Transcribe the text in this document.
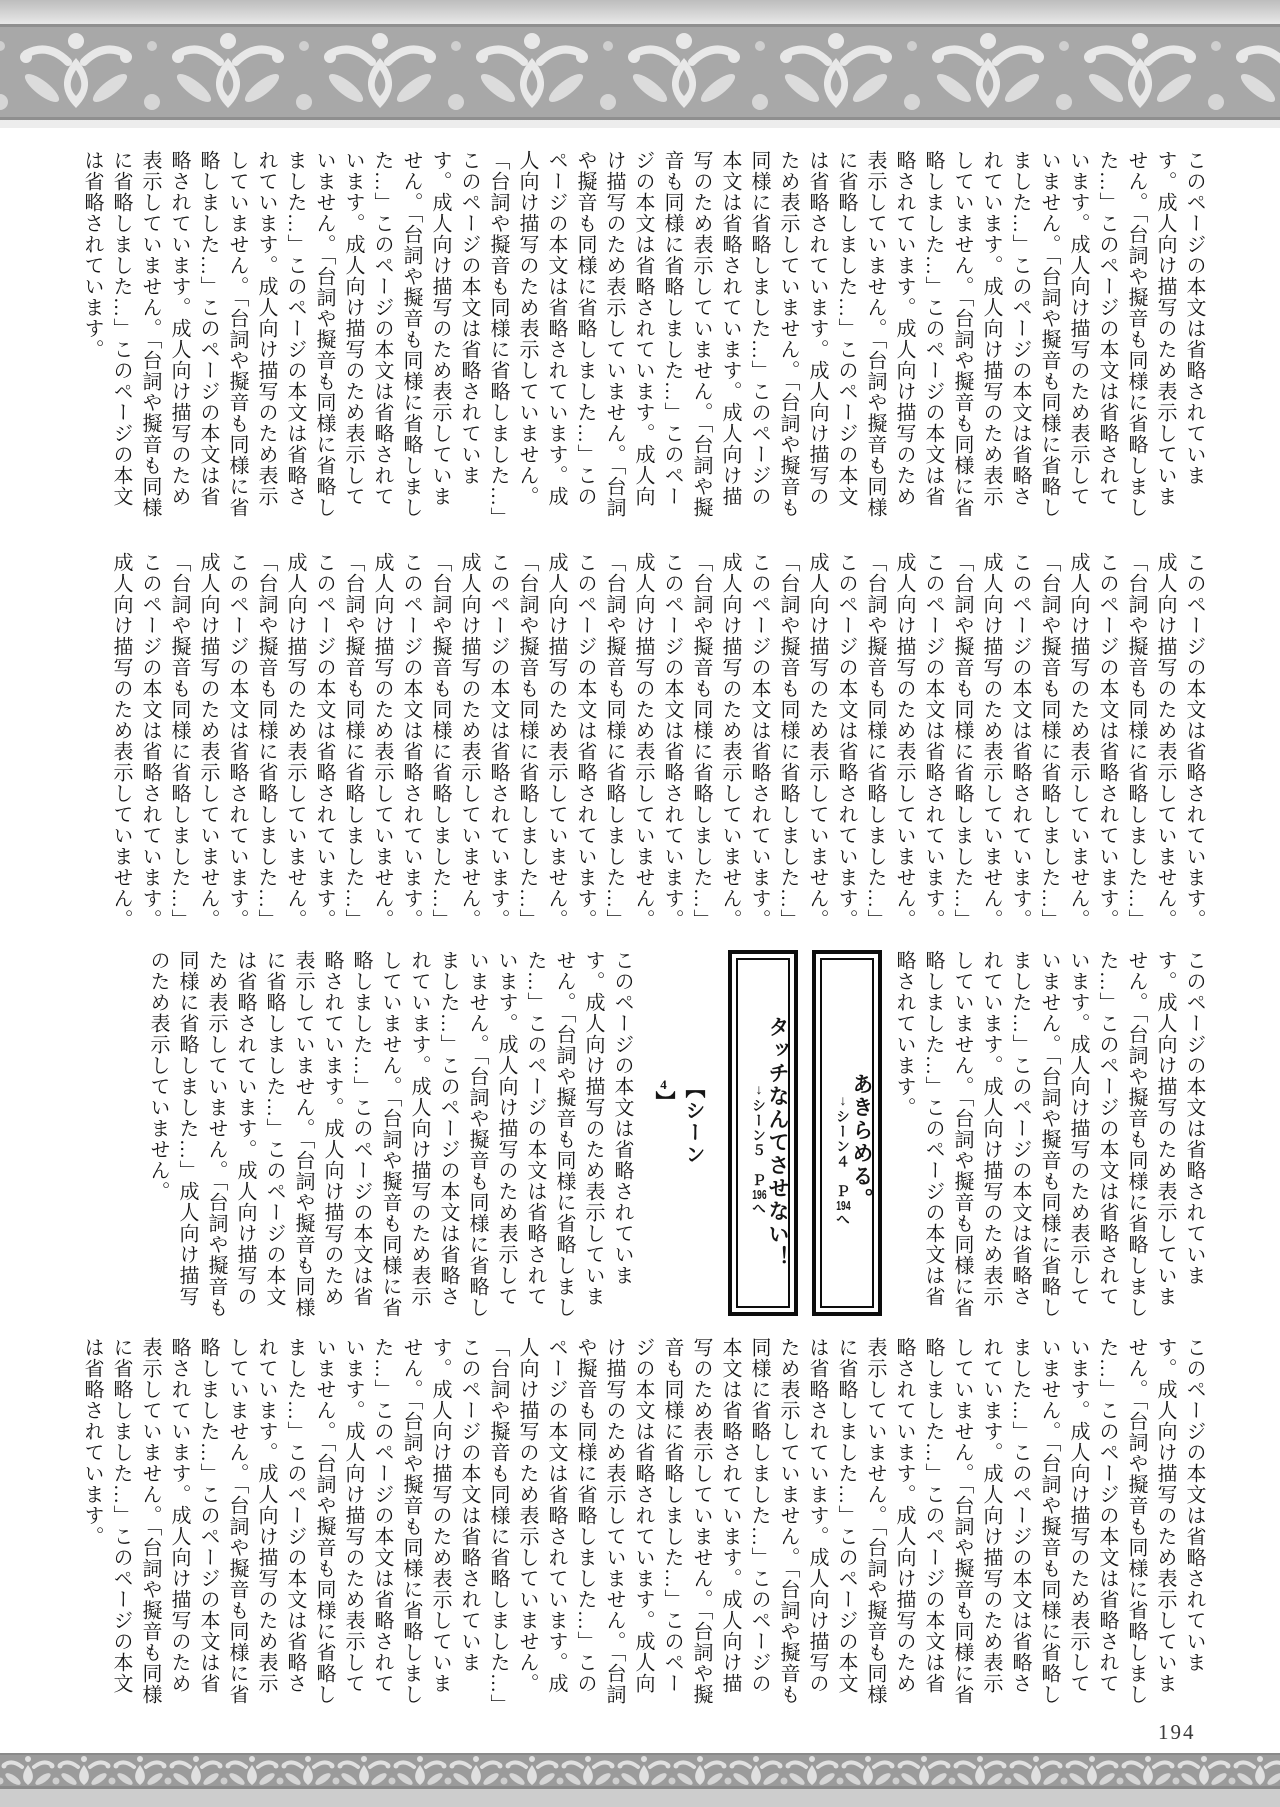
このページの本文は省略されています。成人向け描写のため表示していません。「台詞や擬音も同様に省略しました…」このページの本文は省略されています。成人向け描写のため表示していません。「台詞や擬音も同様に省略しました…」このページの本文は省略されています。成人向け描写のため表示していません。「台詞や擬音も同様に省略しました…」このページの本文は省略されています。成人向け描写のため表示していません。「台詞や擬音も同様に省略しました…」このページの本文は省略されています。成人向け描写のため表示していません。「台詞や擬音も同様に省略しました…」このページの本文は省略されています。成人向け描写のため表示していません。「台詞や擬音も同様に省略しました…」このページの本文は省略されています。成人向け描写のため表示していません。「台詞や擬音も同様に省略しました…」このページの本文は省略されています。成人向け描写のため表示していません。「台詞や擬音も同様に省略しました…」このページの本文は省略されています。成人向け描写のため表示していません。「台詞や擬音も同様に省略しました…」このページの本文は省略されています。成人向け描写のため表示していません。「台詞や擬音も同様に省略しました…」このページの本文は省略されています。成人向け描写のため表示していません。「台詞や擬音も同様に省略しました…」このページの本文は省略されています。成人向け描写のため表示していません。「台詞や擬音も同様に省略しました…」このページの本文は省略されています。
このページの本文は省略されています。成人向け描写のため表示していません。「台詞や擬音も同様に省略しました…」このページの本文は省略されています。成人向け描写のため表示していません。「台詞や擬音も同様に省略しました…」このページの本文は省略されています。成人向け描写のため表示していません。「台詞や擬音も同様に省略しました…」このページの本文は省略されています。成人向け描写のため表示していません。「台詞や擬音も同様に省略しました…」このページの本文は省略されています。成人向け描写のため表示していません。「台詞や擬音も同様に省略しました…」このページの本文は省略されています。成人向け描写のため表示していません。「台詞や擬音も同様に省略しました…」このページの本文は省略されています。成人向け描写のため表示していません。「台詞や擬音も同様に省略しました…」このページの本文は省略されています。成人向け描写のため表示していません。「台詞や擬音も同様に省略しました…」このページの本文は省略されています。成人向け描写のため表示していません。「台詞や擬音も同様に省略しました…」このページの本文は省略されています。成人向け描写のため表示していません。「台詞や擬音も同様に省略しました…」このページの本文は省略されています。成人向け描写のため表示していません。「台詞や擬音も同様に省略しました…」このページの本文は省略されています。成人向け描写のため表示していません。「台詞や擬音も同様に省略しました…」このページの本文は省略されています。成人向け描写のため表示していません。
このページの本文は省略されています。成人向け描写のため表示していません。「台詞や擬音も同様に省略しました…」このページの本文は省略されています。成人向け描写のため表示していません。「台詞や擬音も同様に省略しました…」このページの本文は省略されています。成人向け描写のため表示していません。「台詞や擬音も同様に省略しました…」このページの本文は省略されています。
あきらめる。
↓シーン４　Ｐ194へ
タッチなんてさせない！
↓シーン５　Ｐ196へ
【シーン4】このページの本文は省略されています。成人向け描写のため表示していません。「台詞や擬音も同様に省略しました…」このページの本文は省略されています。成人向け描写のため表示していません。「台詞や擬音も同様に省略しました…」このページの本文は省略されています。成人向け描写のため表示していません。「台詞や擬音も同様に省略しました…」このページの本文は省略されています。成人向け描写のため表示していません。「台詞や擬音も同様に省略しました…」このページの本文は省略されています。成人向け描写のため表示していません。「台詞や擬音も同様に省略しました…」成人向け描写のため表示していません。
このページの本文は省略されています。成人向け描写のため表示していません。「台詞や擬音も同様に省略しました…」このページの本文は省略されています。成人向け描写のため表示していません。「台詞や擬音も同様に省略しました…」このページの本文は省略されています。成人向け描写のため表示していません。「台詞や擬音も同様に省略しました…」このページの本文は省略されています。成人向け描写のため表示していません。「台詞や擬音も同様に省略しました…」このページの本文は省略されています。成人向け描写のため表示していません。「台詞や擬音も同様に省略しました…」このページの本文は省略されています。成人向け描写のため表示していません。「台詞や擬音も同様に省略しました…」このページの本文は省略されています。成人向け描写のため表示していません。「台詞や擬音も同様に省略しました…」このページの本文は省略されています。成人向け描写のため表示していません。「台詞や擬音も同様に省略しました…」このページの本文は省略されています。成人向け描写のため表示していません。「台詞や擬音も同様に省略しました…」このページの本文は省略されています。成人向け描写のため表示していません。「台詞や擬音も同様に省略しました…」このページの本文は省略されています。成人向け描写のため表示していません。「台詞や擬音も同様に省略しました…」このページの本文は省略されています。成人向け描写のため表示していません。「台詞や擬音も同様に省略しました…」このページの本文は省略されています。
194
